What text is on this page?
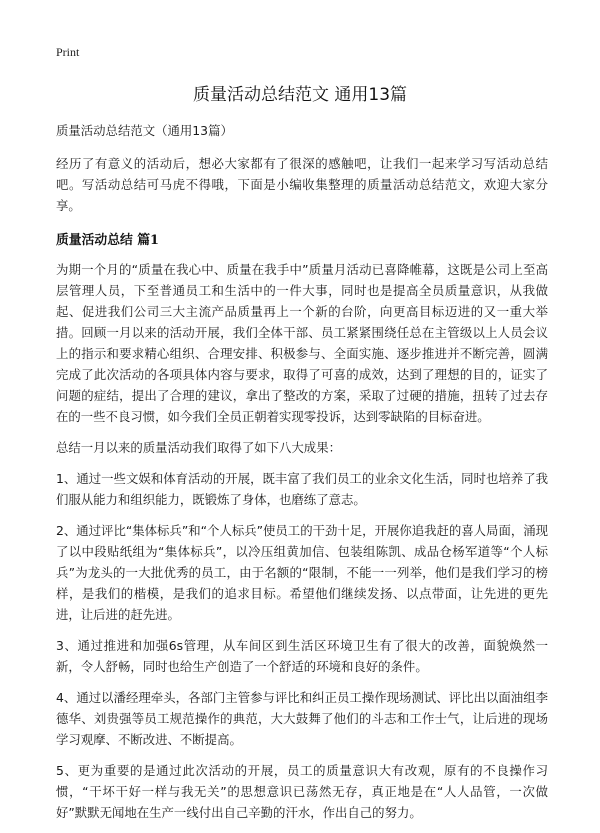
Print
质量活动总结范文 通用13篇

质量活动总结范文（通用13篇）

经历了有意义的活动后，想必大家都有了很深的感触吧，让我们一起来学习写活动总结吧。写活动总结可马虎不得哦，下面是小编收集整理的质量活动总结范文，欢迎大家分享。

质量活动总结 篇1

为期一个月的“质量在我心中、质量在我手中”质量月活动已喜降帷幕，这既是公司上至高层管理人员，下至普通员工和生活中的一件大事，同时也是提高全员质量意识，从我做起、促进我们公司三大主流产品质量再上一个新的台阶，向更高目标迈进的又一重大举措。回顾一月以来的活动开展，我们全体干部、员工紧紧围绕任总在主管级以上人员会议上的指示和要求精心组织、合理安排、积极参与、全面实施、逐步推进并不断完善，圆满完成了此次活动的各项具体内容与要求，取得了可喜的成效，达到了理想的目的，证实了问题的症结，提出了合理的建议，拿出了整改的方案，采取了过硬的措施，扭转了过去存在的一些不良习惯，如今我们全员正朝着实现零投诉，达到零缺陷的目标奋进。

总结一月以来的质量活动我们取得了如下八大成果：

1、通过一些文娱和体育活动的开展，既丰富了我们员工的业余文化生活，同时也培养了我们服从能力和组织能力，既锻炼了身体，也磨练了意志。

2、通过评比“集体标兵”和“个人标兵”使员工的干劲十足，开展你追我赶的喜人局面，涌现了以中段贴纸组为“集体标兵”，以冷压组黄加信、包装组陈凯、成品仓杨军道等“个人标兵”为龙头的一大批优秀的员工，由于名额的“限制，不能一一列举，他们是我们学习的榜样，是我们的楷模，是我们的追求目标。希望他们继续发扬、以点带面，让先进的更先进，让后进的赶先进。

3、通过推进和加强6s管理，从车间区到生活区环境卫生有了很大的改善，面貌焕然一新，令人舒畅，同时也给生产创造了一个舒适的环境和良好的条件。

4、通过以潘经理牵头，各部门主管参与评比和纠正员工操作现场测试、评比出以面油组李德华、刘贵强等员工规范操作的典范，大大鼓舞了他们的斗志和工作士气，让后进的现场学习观摩、不断改进、不断提高。

5、更为重要的是通过此次活动的开展，员工的质量意识大有改观，原有的不良操作习惯，“干坏干好一样与我无关”的思想意识已荡然无存，真正地是在“人人品管，一次做好”默默无闻地在生产一线付出自己辛勤的汗水，作出自己的努力。
